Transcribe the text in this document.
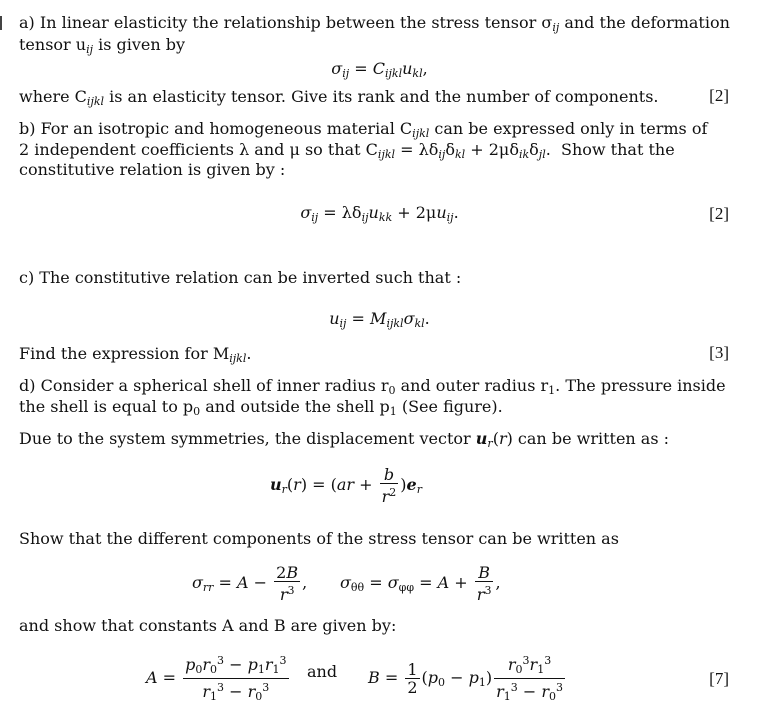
a) In linear elasticity the relationship between the stress tensor $\sigma_{ij}$ and the deformation
tensor $u_{ij}$ is given by
$\sigma_{ij} = C_{ijkl}u_{kl}$,
where $C_{ijkl}$ is an elasticity tensor. Give its rank and the number of components.	[2]
b) For an isotropic and homogeneous material $C_{ijkl}$ can be expressed only in terms of
2 independent coefficients λ and μ so that $C_{ijkl} = \lambda\delta_{ij}\delta_{kl} + 2\mu\delta_{ik}\delta_{jl}$.  Show that the
constitutive relation is given by :
$\sigma_{ij} = \lambda\delta_{ij}u_{kk} + 2\mu u_{ij}$.	[2]
c) The constitutive relation can be inverted such that :
$u_{ij} = M_{ijkl}\sigma_{kl}$.
Find the expression for $M_{ijkl}$.	[3]
d) Consider a spherical shell of inner radius $r_0$ and outer radius $r_1$. The pressure inside
the shell is equal to $p_0$ and outside the shell $p_1$ (See figure).
Due to the system symmetries, the displacement vector $u_r(r)$ can be written as :
$u_r(r) = (ar + \frac{b}{r^2} )e_r$
Show that the different components of the stress tensor can be written as
$\sigma_{rr} = A - \frac{2B}{r^3}$ , $\sigma_{\theta\theta} = \sigma_{\varphi\varphi} = A + \frac{B}{r^3}$ ,
and show that constants A and B are given by:
$A = \frac{p_0r_0^3 - p_1r_1^3}{r_1^3 - r_0^3}$ and $B = \frac{1}{2} (p_0 - p_1) \frac{r_0^3r_1^3}{r_1^3 - r_0^3}$	[7]
